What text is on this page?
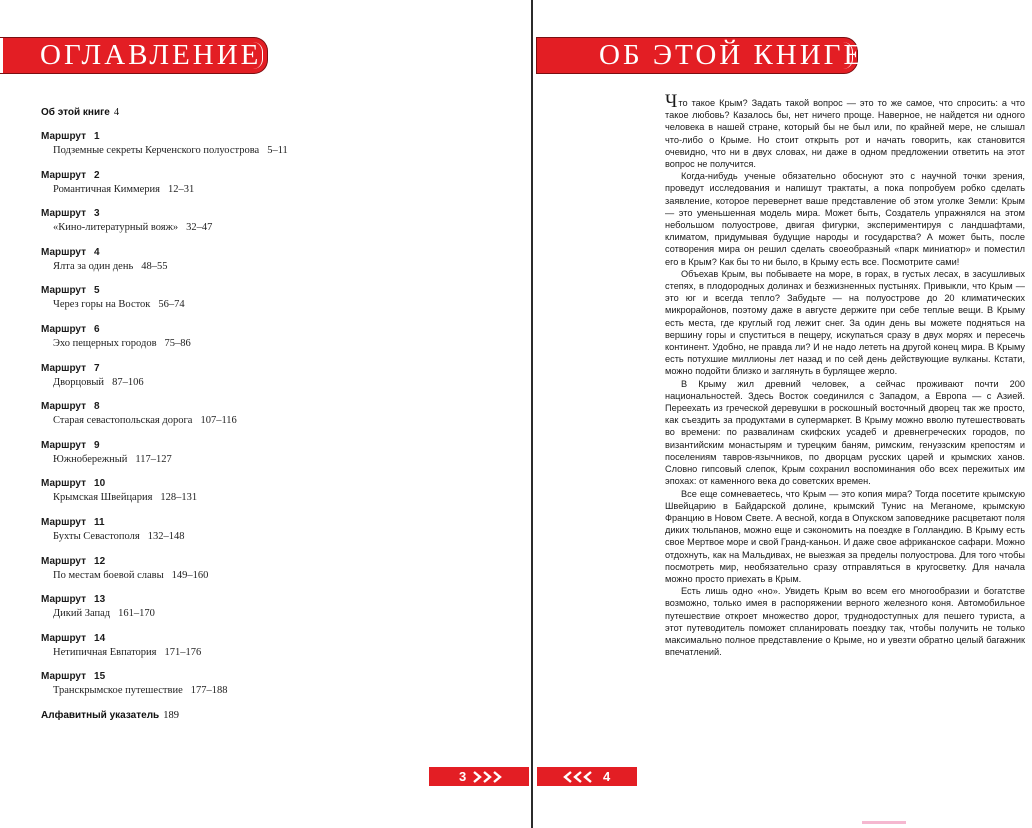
ОГЛАВЛЕНИЕ
Об этой книге 4
Маршрут 1
Подземные секреты Керченского полуострова 5–11
Маршрут 2
Романтичная Киммерия 12–31
Маршрут 3
«Кино-литературный вояж» 32–47
Маршрут 4
Ялта за один день 48–55
Маршрут 5
Через горы на Восток 56–74
Маршрут 6
Эхо пещерных городов 75–86
Маршрут 7
Дворцовый 87–106
Маршрут 8
Старая севастопольская дорога 107–116
Маршрут 9
Южнобережный 117–127
Маршрут 10
Крымская Швейцария 128–131
Маршрут 11
Бухты Севастополя 132–148
Маршрут 12
По местам боевой славы 149–160
Маршрут 13
Дикий Запад 161–170
Маршрут 14
Нетипичная Евпатория 171–176
Маршрут 15
Транскрымское путешествие 177–188
Алфавитный указатель 189
3
ОБ ЭТОЙ КНИГЕ

Что такое Крым? Задать такой вопрос — это то же самое, что спросить: а что такое любовь? Казалось бы, нет ничего проще. Наверное, не найдется ни одного человека в нашей стране, который бы не был или, по крайней мере, не слышал что-либо о Крыме. Но стоит открыть рот и начать говорить, как становится очевидно, что ни в двух словах, ни даже в одном предложении ответить на этот вопрос не получится.

Когда-нибудь ученые обязательно обоснуют это с научной точки зрения, проведут исследования и напишут трактаты, а пока попробуем робко сделать заявление, которое перевернет ваше представление об этом уголке Земли: Крым — это уменьшенная модель мира. Может быть, Создатель упражнялся на этом небольшом полуострове, двигая фигурки, экспериментируя с ландшафтами, климатом, придумывая будущие народы и государства? А может быть, после сотворения мира он решил сделать своеобразный «парк миниатюр» и поместил его в Крым? Как бы то ни было, в Крыму есть все. Посмотрите сами!

Объехав Крым, вы побываете на море, в горах, в густых лесах, в засушливых степях, в плодородных долинах и безжизненных пустынях. Привыкли, что Крым — это юг и всегда тепло? Забудьте — на полуострове до 20 климатических микрорайонов, поэтому даже в августе держите при себе теплые вещи. В Крыму есть места, где круглый год лежит снег. За один день вы можете подняться на вершину горы и спуститься в пещеру, искупаться сразу в двух морях и пересечь континент. Удобно, не правда ли? И не надо лететь на другой конец мира. В Крыму есть потухшие миллионы лет назад и по сей день действующие вулканы. Кстати, можно подойти близко и заглянуть в бурлящее жерло.

В Крыму жил древний человек, а сейчас проживают почти 200 национальностей. Здесь Восток соединился с Западом, а Европа — с Азией. Переехать из греческой деревушки в роскошный восточный дворец так же просто, как съездить за продуктами в супермаркет. В Крыму можно вволю путешествовать во времени: по развалинам скифских усадеб и древнегреческих городов, по византийским монастырям и турецким баням, римским, генуэзским крепостям и поселениям тавров-язычников, по дворцам русских царей и крымских ханов. Словно гипсовый слепок, Крым сохранил воспоминания обо всех пережитых им эпохах: от каменного века до советских времен.

Все еще сомневаетесь, что Крым — это копия мира? Тогда посетите крымскую Швейцарию в Байдарской долине, крымский Тунис на Меганоме, крымскую Францию в Новом Свете. А весной, когда в Опукском заповеднике расцветают поля диких тюльпанов, можно еще и сэкономить на поездке в Голландию. В Крыму есть свое Мертвое море и свой Гранд-каньон. И даже свое африканское сафари. Можно отдохнуть, как на Мальдивах, не выезжая за пределы полуострова. Для того чтобы посмотреть мир, необязательно сразу отправляться в кругосветку. Для начала можно просто приехать в Крым.

Есть лишь одно «но». Увидеть Крым во всем его многообразии и богатстве возможно, только имея в распоряжении верного железного коня. Автомобильное путешествие откроет множество дорог, труднодоступных для пешего туриста, а этот путеводитель поможет спланировать поездку так, чтобы получить не только максимально полное представление о Крыме, но и увезти обратно целый багажник впечатлений.

4
